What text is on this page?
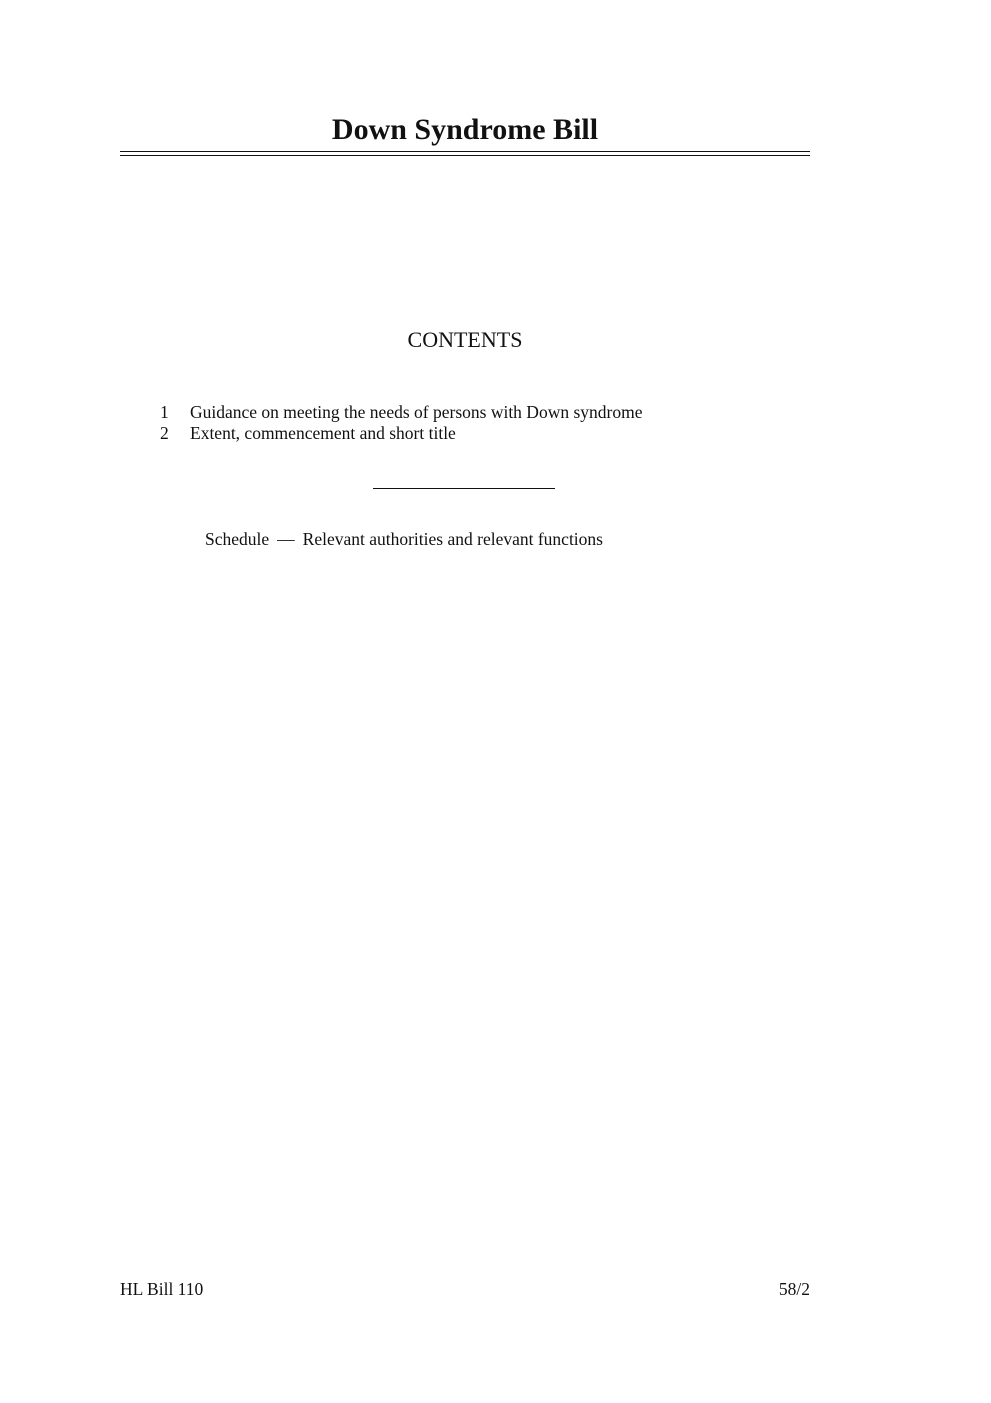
Down Syndrome Bill
CONTENTS
1	Guidance on meeting the needs of persons with Down syndrome
2	Extent, commencement and short title
Schedule — Relevant authorities and relevant functions
HL Bill 110	58/2
